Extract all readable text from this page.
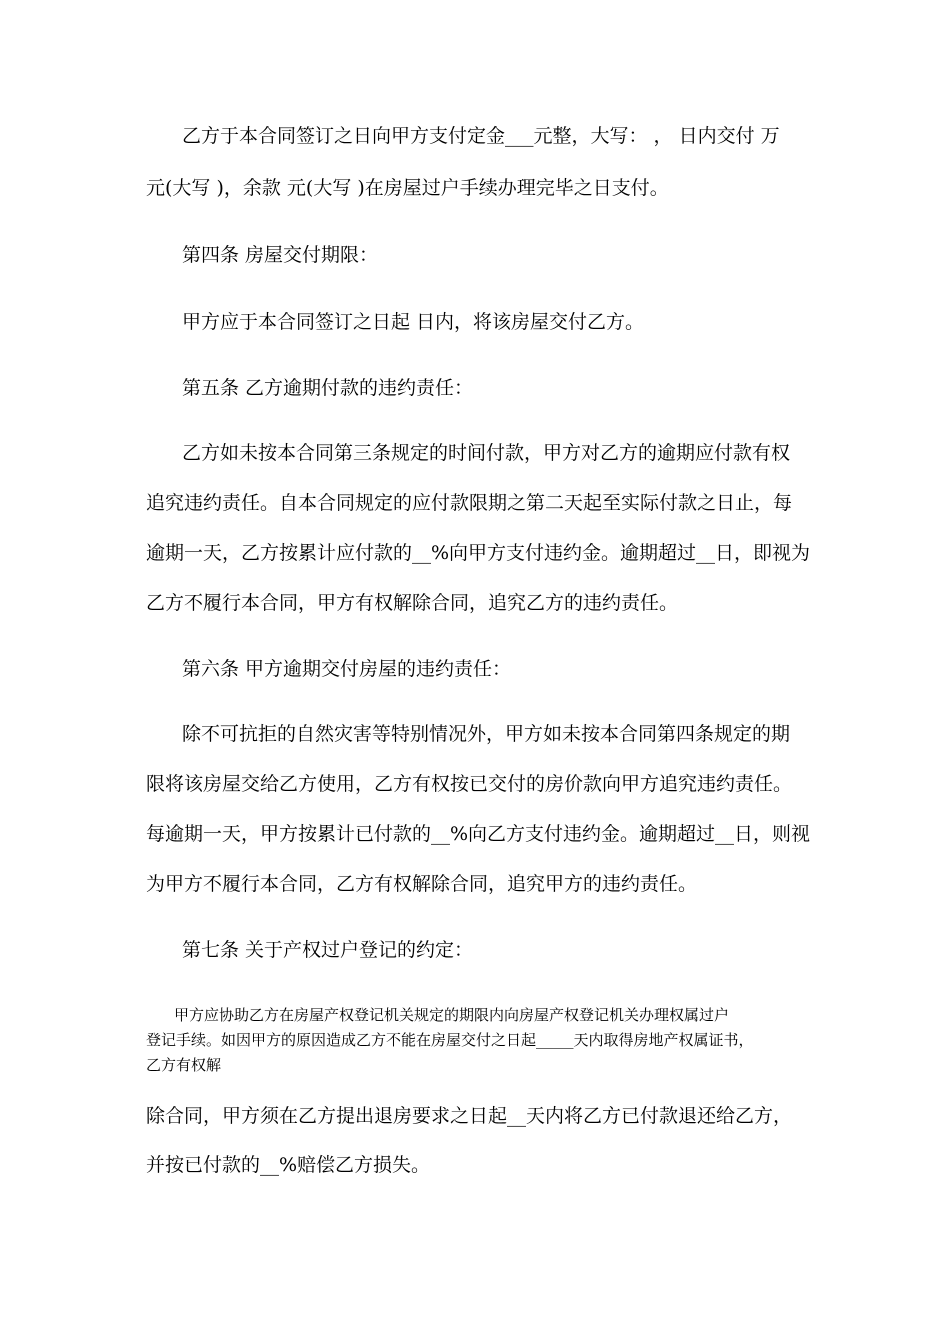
乙方于本合同签订之日向甲方支付定金___元整，大写： ， 日内交付 万

元(大写 )，余款 元(大写 )在房屋过户手续办理完毕之日支付。

第四条 房屋交付期限：

甲方应于本合同签订之日起 日内，将该房屋交付乙方。

第五条 乙方逾期付款的违约责任：

乙方如未按本合同第三条规定的时间付款，甲方对乙方的逾期应付款有权

追究违约责任。自本合同规定的应付款限期之第二天起至实际付款之日止，每

逾期一天，乙方按累计应付款的__%向甲方支付违约金。逾期超过__日，即视为

乙方不履行本合同，甲方有权解除合同，追究乙方的违约责任。

第六条 甲方逾期交付房屋的违约责任：

除不可抗拒的自然灾害等特别情况外，甲方如未按本合同第四条规定的期

限将该房屋交给乙方使用，乙方有权按已交付的房价款向甲方追究违约责任。

每逾期一天，甲方按累计已付款的__%向乙方支付违约金。逾期超过__日，则视

为甲方不履行本合同，乙方有权解除合同，追究甲方的违约责任。

第七条 关于产权过户登记的约定：

甲方应协助乙方在房屋产权登记机关规定的期限内向房屋产权登记机关办理权属过户

登记手续。如因甲方的原因造成乙方不能在房屋交付之日起_____天内取得房地产权属证书，

乙方有权解

除合同，甲方须在乙方提出退房要求之日起__天内将乙方已付款退还给乙方，

并按已付款的__%赔偿乙方损失。
